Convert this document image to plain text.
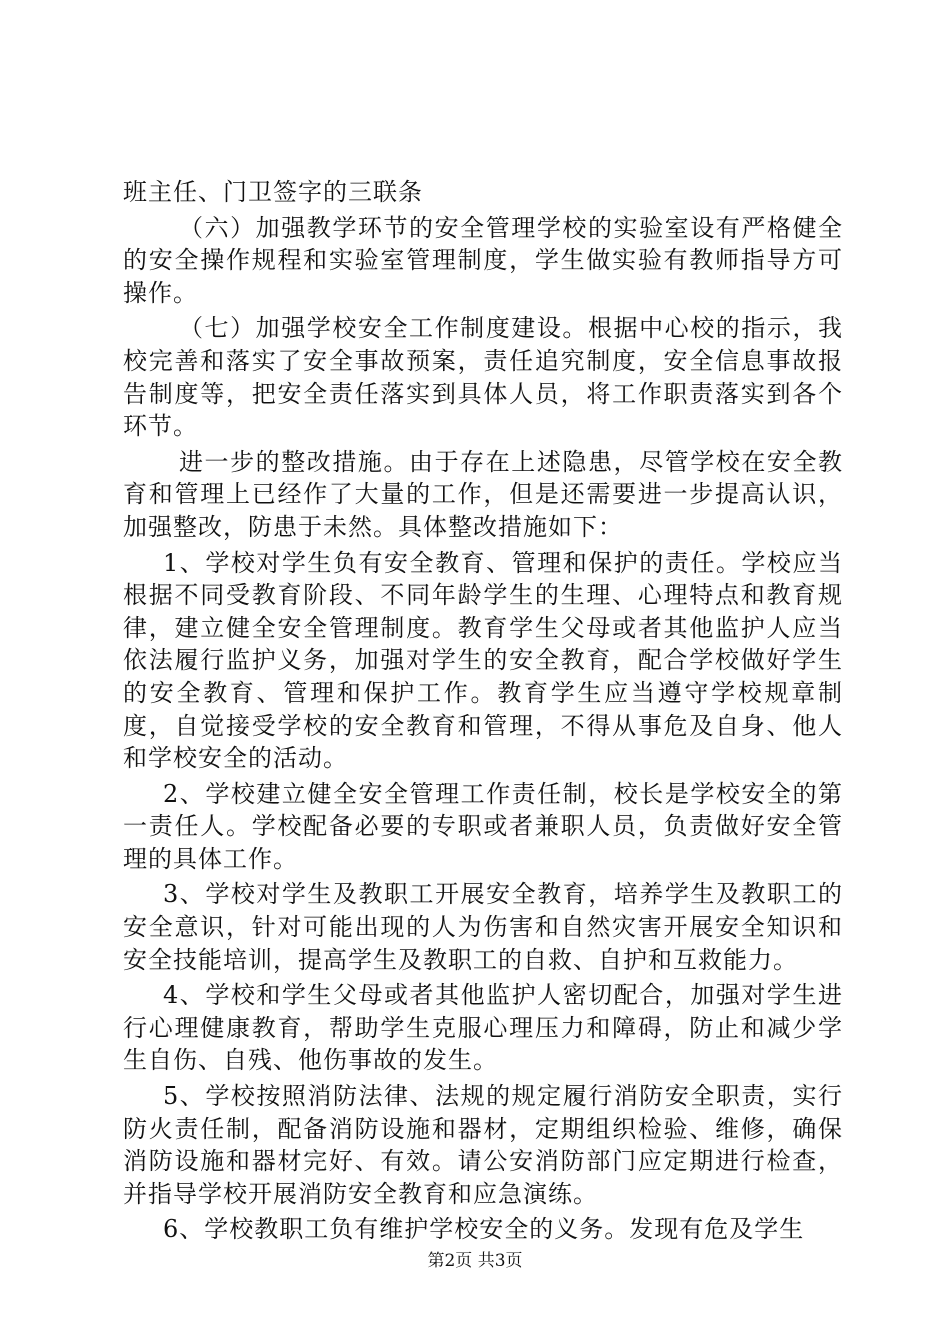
班主任、门卫签字的三联条

（六）加强教学环节的安全管理学校的实验室设有严格健全的安全操作规程和实验室管理制度，学生做实验有教师指导方可操作。

（七）加强学校安全工作制度建设。根据中心校的指示，我校完善和落实了安全事故预案，责任追究制度，安全信息事故报告制度等，把安全责任落实到具体人员，将工作职责落实到各个环节。

进一步的整改措施。由于存在上述隐患，尽管学校在安全教育和管理上已经作了大量的工作，但是还需要进一步提高认识，加强整改，防患于未然。具体整改措施如下：

1、学校对学生负有安全教育、管理和保护的责任。学校应当根据不同受教育阶段、不同年龄学生的生理、心理特点和教育规律，建立健全安全管理制度。教育学生父母或者其他监护人应当依法履行监护义务，加强对学生的安全教育，配合学校做好学生的安全教育、管理和保护工作。教育学生应当遵守学校规章制度，自觉接受学校的安全教育和管理，不得从事危及自身、他人和学校安全的活动。

2、学校建立健全安全管理工作责任制，校长是学校安全的第一责任人。学校配备必要的专职或者兼职人员，负责做好安全管理的具体工作。

3、学校对学生及教职工开展安全教育，培养学生及教职工的安全意识，针对可能出现的人为伤害和自然灾害开展安全知识和安全技能培训，提高学生及教职工的自救、自护和互救能力。

4、学校和学生父母或者其他监护人密切配合，加强对学生进行心理健康教育，帮助学生克服心理压力和障碍，防止和减少学生自伤、自残、他伤事故的发生。

5、学校按照消防法律、法规的规定履行消防安全职责，实行防火责任制，配备消防设施和器材，定期组织检验、维修，确保消防设施和器材完好、有效。请公安消防部门应定期进行检查，并指导学校开展消防安全教育和应急演练。

6、学校教职工负有维护学校安全的义务。发现有危及学生

第2页 共3页
